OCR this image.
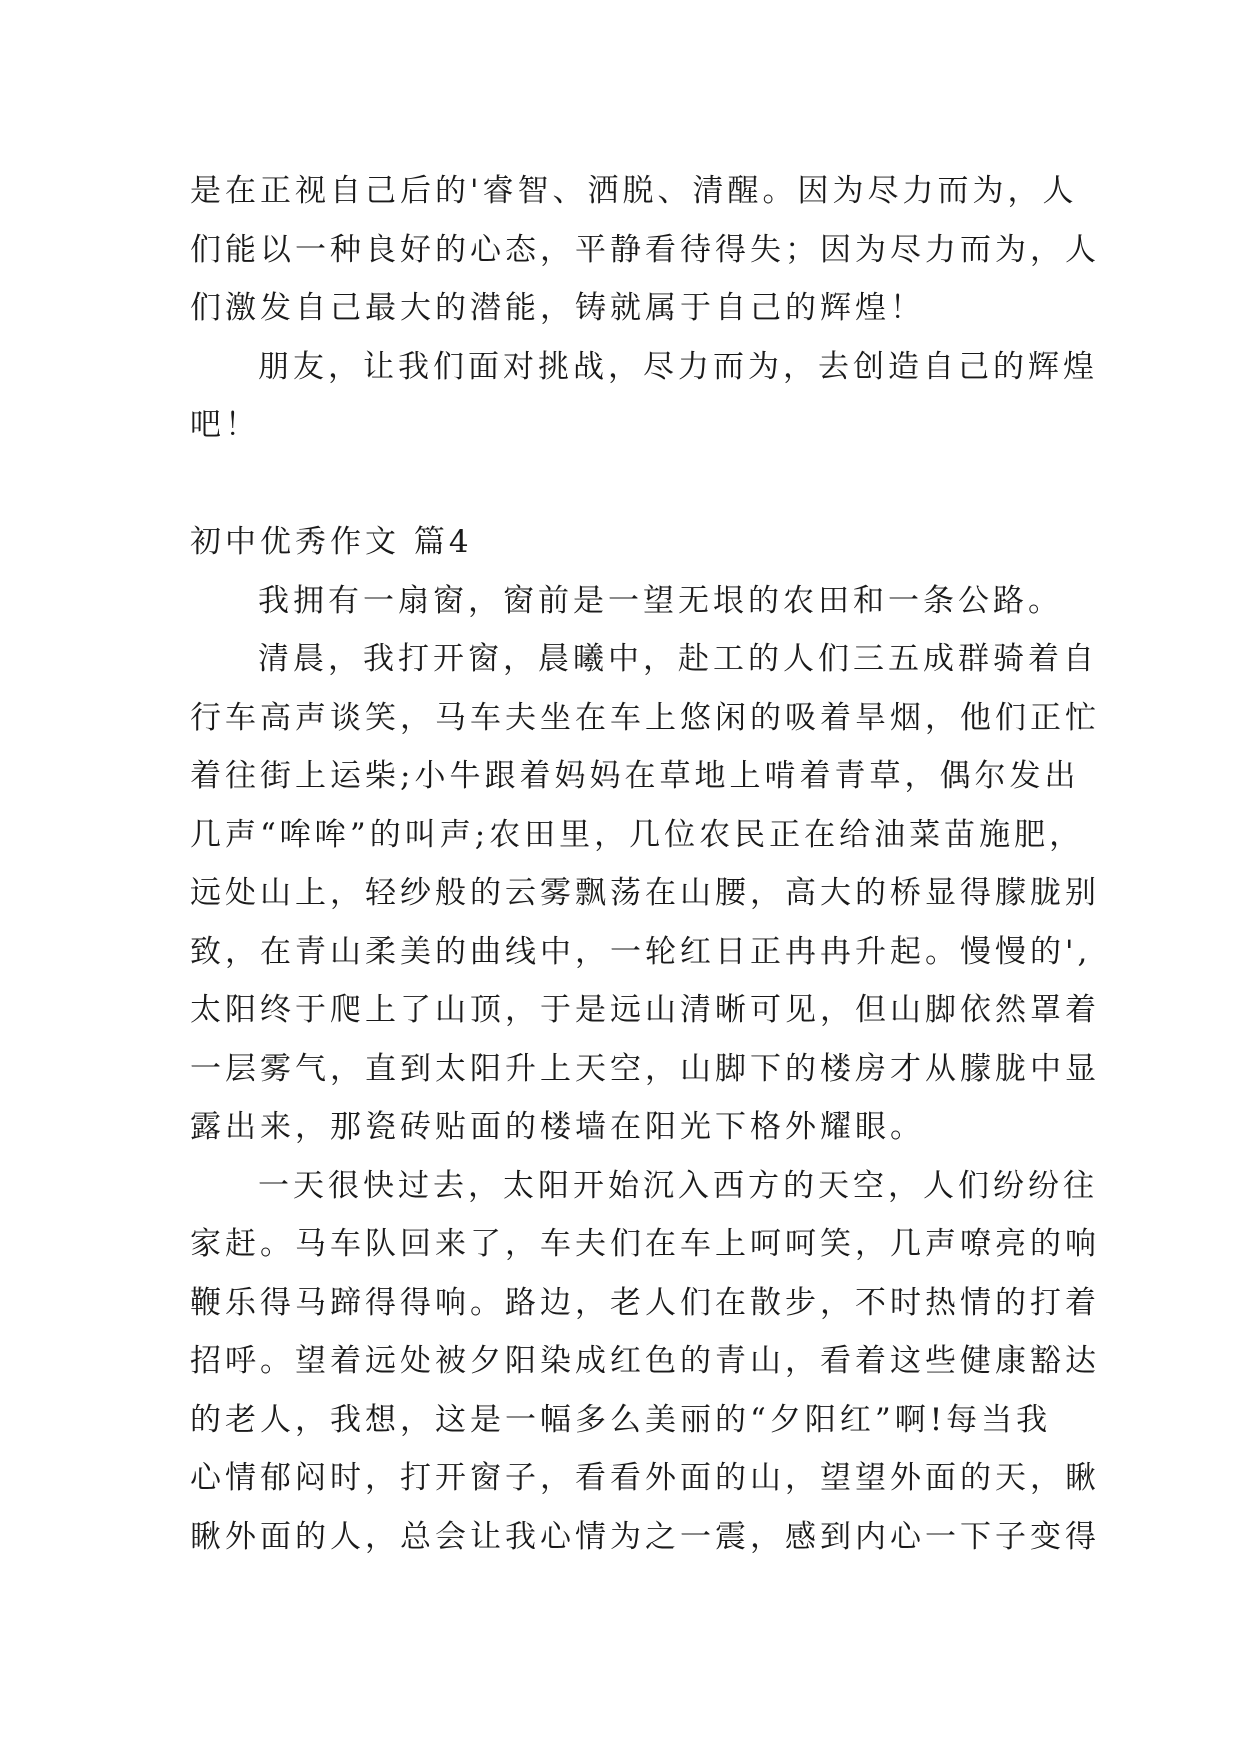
是在正视自己后的'睿智、洒脱、清醒。因为尽力而为，人
们能以一种良好的心态，平静看待得失；因为尽力而为，人
们激发自己最大的潜能，铸就属于自己的辉煌！
朋友，让我们面对挑战，尽力而为，去创造自己的辉煌
吧！
初中优秀作文 篇4
我拥有一扇窗，窗前是一望无垠的农田和一条公路。
清晨，我打开窗，晨曦中，赴工的人们三五成群骑着自
行车高声谈笑，马车夫坐在车上悠闲的吸着旱烟，他们正忙
着往街上运柴;小牛跟着妈妈在草地上啃着青草，偶尔发出
几声“哞哞”的叫声;农田里，几位农民正在给油菜苗施肥，
远处山上，轻纱般的云雾飘荡在山腰，高大的桥显得朦胧别
致，在青山柔美的曲线中，一轮红日正冉冉升起。慢慢的',
太阳终于爬上了山顶，于是远山清晰可见，但山脚依然罩着
一层雾气，直到太阳升上天空，山脚下的楼房才从朦胧中显
露出来，那瓷砖贴面的楼墙在阳光下格外耀眼。
一天很快过去，太阳开始沉入西方的天空，人们纷纷往
家赶。马车队回来了，车夫们在车上呵呵笑，几声嘹亮的响
鞭乐得马蹄得得响。路边，老人们在散步，不时热情的打着
招呼。望着远处被夕阳染成红色的青山，看着这些健康豁达
的老人，我想，这是一幅多么美丽的“夕阳红”啊!每当我
心情郁闷时，打开窗子，看看外面的山，望望外面的天，瞅
瞅外面的人，总会让我心情为之一震，感到内心一下子变得
